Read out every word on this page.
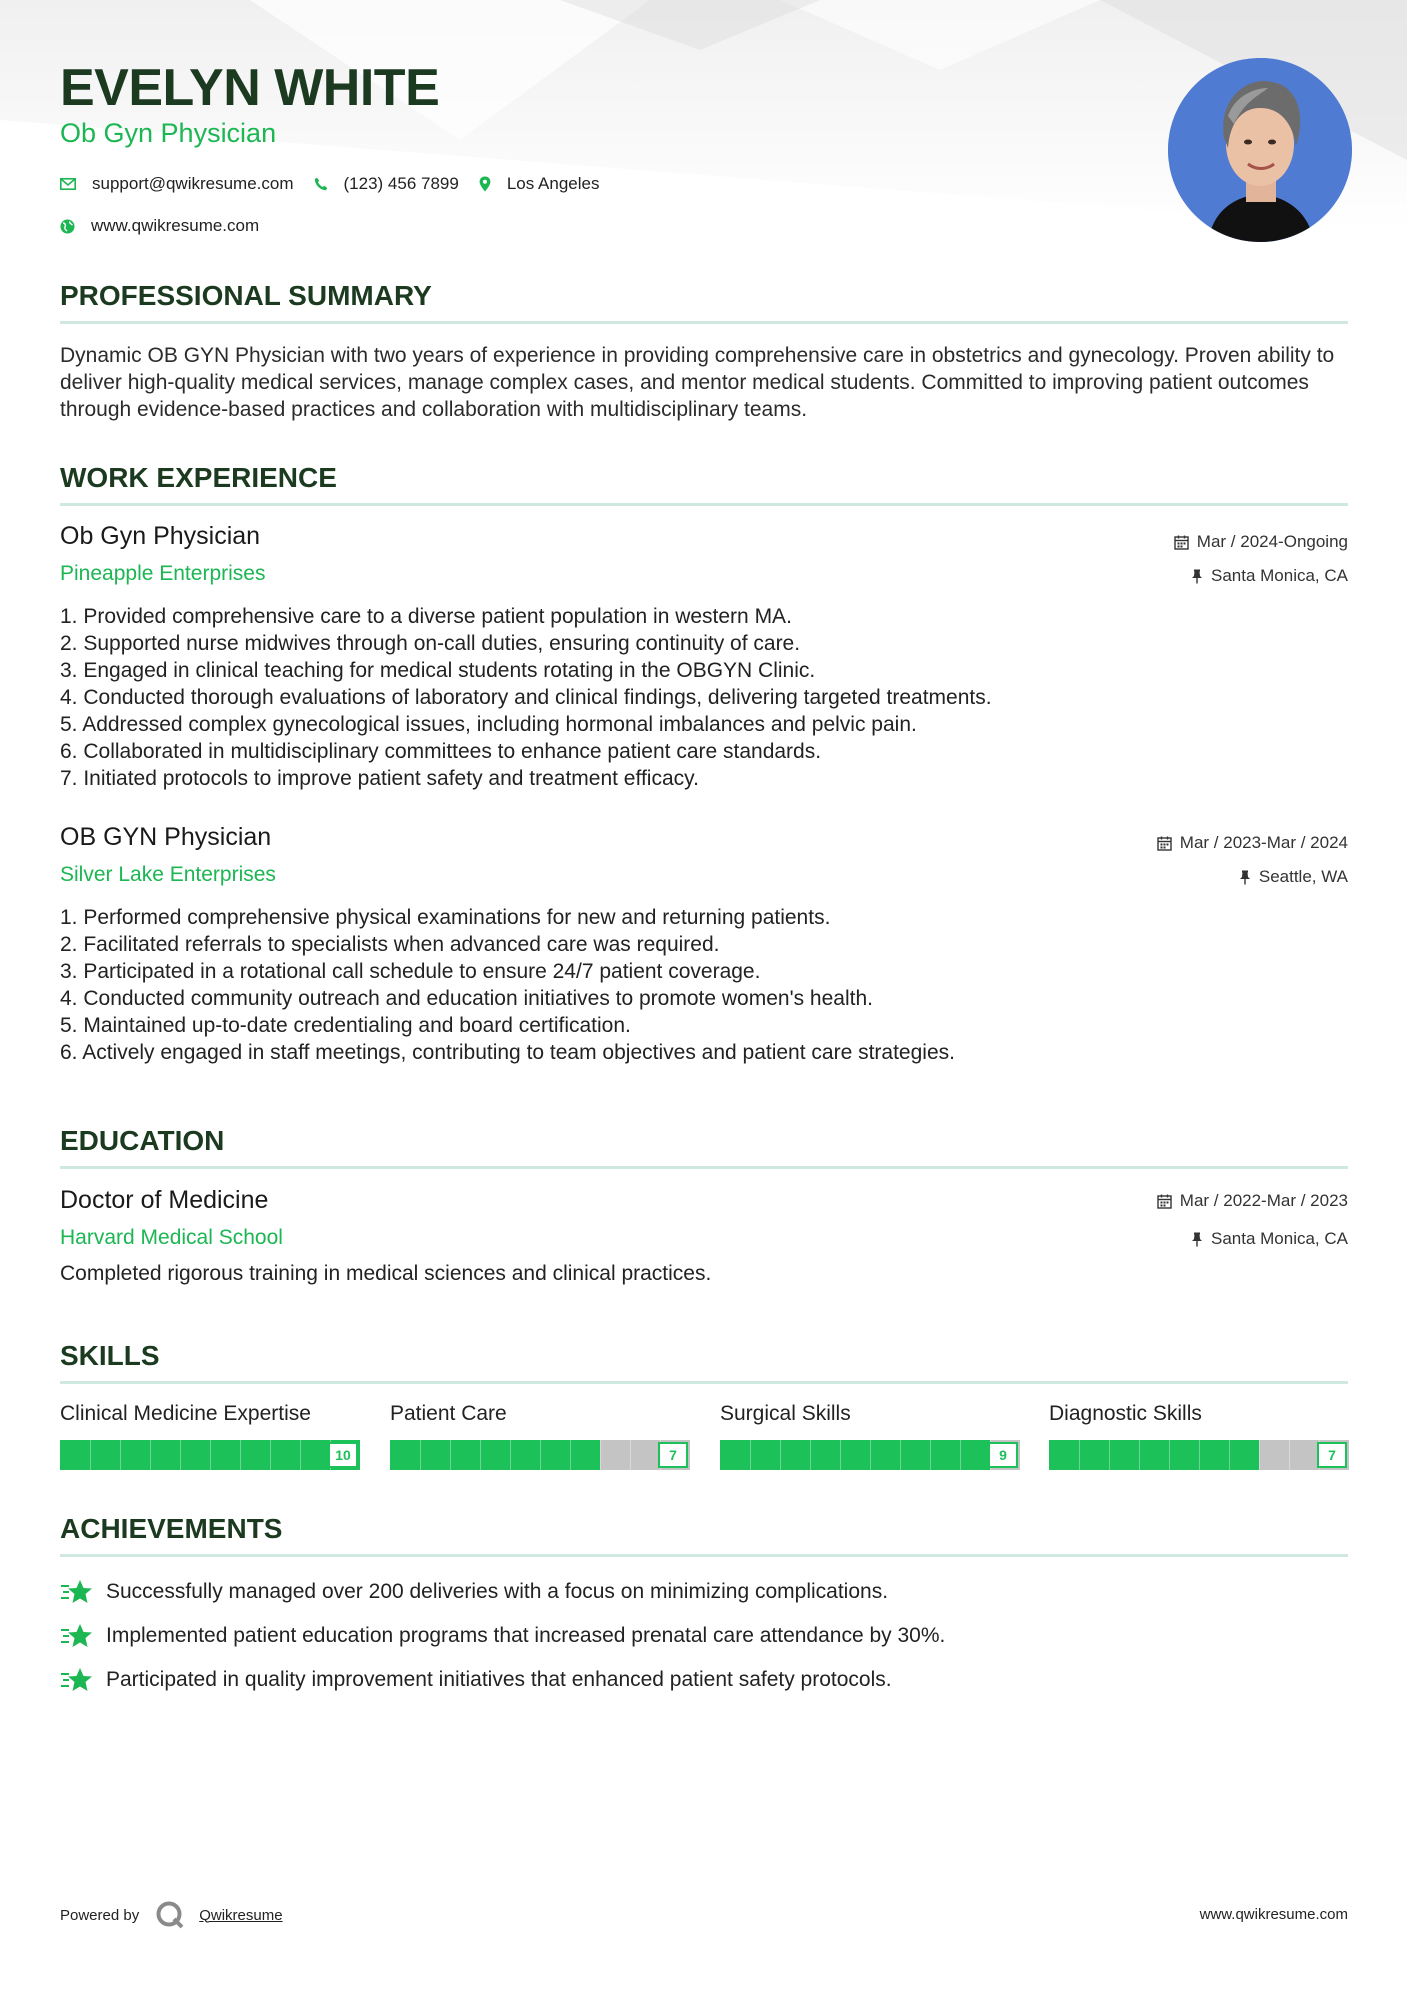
EVELYN WHITE
Ob Gyn Physician
support@qwikresume.com	(123) 456 7899	Los Angeles
www.qwikresume.com
PROFESSIONAL SUMMARY

Dynamic OB GYN Physician with two years of experience in providing comprehensive care in obstetrics and gynecology. Proven ability to deliver high-quality medical services, manage complex cases, and mentor medical students. Committed to improving patient outcomes through evidence-based practices and collaboration with multidisciplinary teams.

WORK EXPERIENCE
Ob Gyn Physician	Mar / 2024-Ongoing
Pineapple Enterprises	Santa Monica, CA
1. Provided comprehensive care to a diverse patient population in western MA.
2. Supported nurse midwives through on-call duties, ensuring continuity of care.
3. Engaged in clinical teaching for medical students rotating in the OBGYN Clinic.
4. Conducted thorough evaluations of laboratory and clinical findings, delivering targeted treatments.
5. Addressed complex gynecological issues, including hormonal imbalances and pelvic pain.
6. Collaborated in multidisciplinary committees to enhance patient care standards.
7. Initiated protocols to improve patient safety and treatment efficacy.
OB GYN Physician	Mar / 2023-Mar / 2024
Silver Lake Enterprises	Seattle, WA
1. Performed comprehensive physical examinations for new and returning patients.
2. Facilitated referrals to specialists when advanced care was required.
3. Participated in a rotational call schedule to ensure 24/7 patient coverage.
4. Conducted community outreach and education initiatives to promote women's health.
5. Maintained up-to-date credentialing and board certification.
6. Actively engaged in staff meetings, contributing to team objectives and patient care strategies.
EDUCATION
Doctor of Medicine	Mar / 2022-Mar / 2023
Harvard Medical School	Santa Monica, CA
Completed rigorous training in medical sciences and clinical practices.
SKILLS
Clinical Medicine Expertise
10
Patient Care
7
Surgical Skills
9
Diagnostic Skills
7
ACHIEVEMENTS
Successfully managed over 200 deliveries with a focus on minimizing complications.
Implemented patient education programs that increased prenatal care attendance by 30%.
Participated in quality improvement initiatives that enhanced patient safety protocols.
Powered by	Qwikresume	www.qwikresume.com
